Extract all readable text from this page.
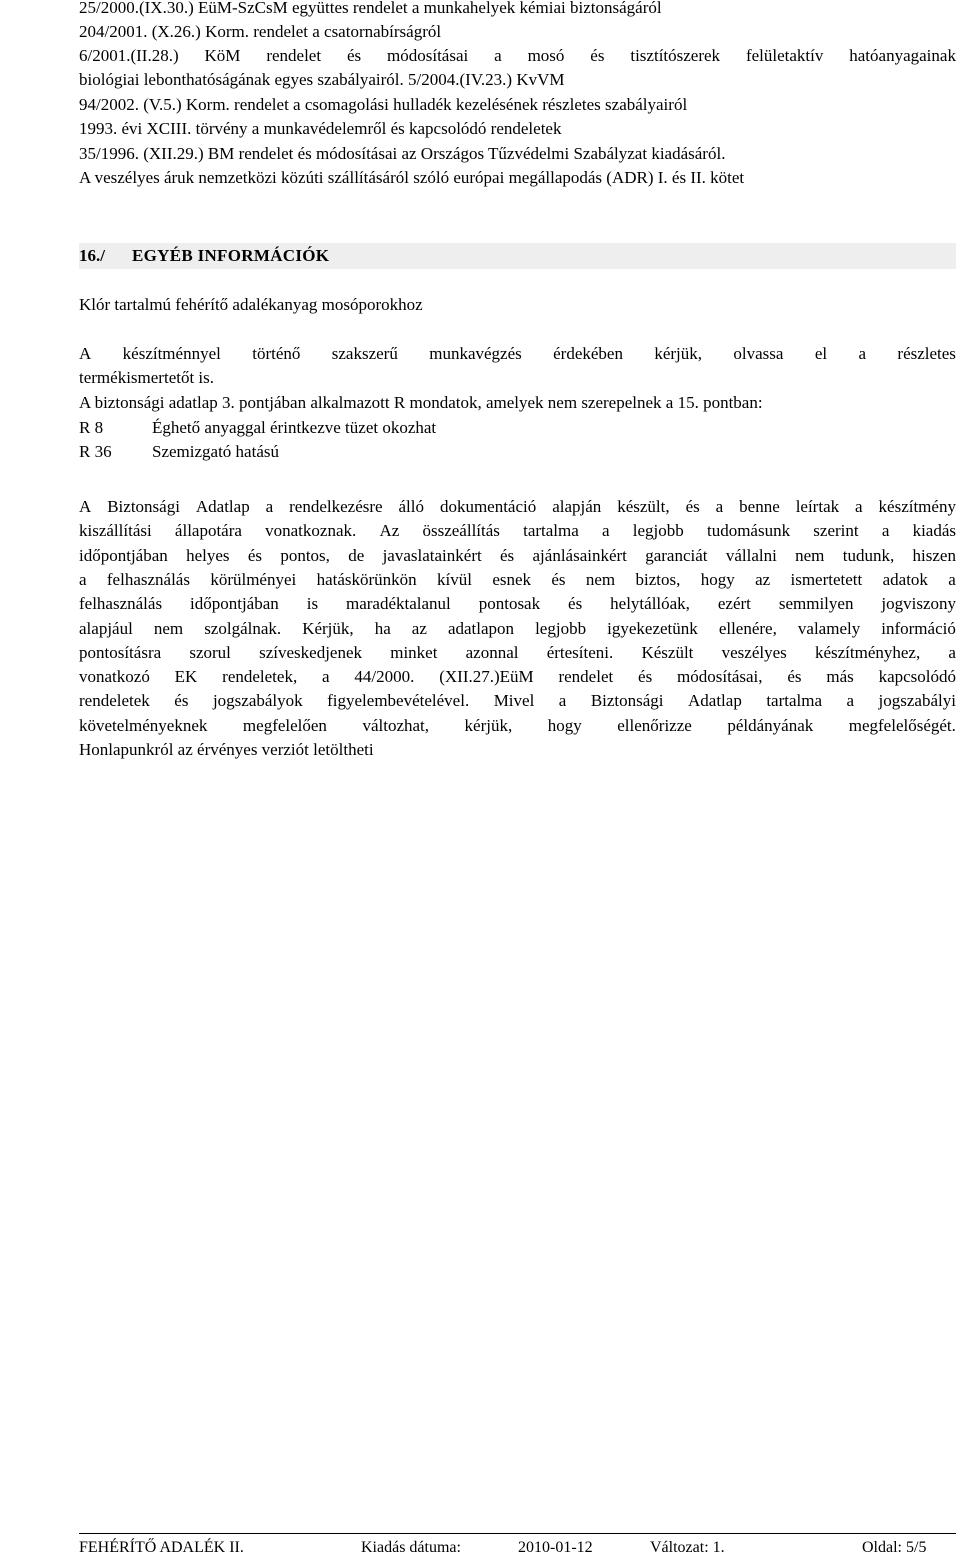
25/2000.(IX.30.) EüM-SzCsM együttes rendelet a munkahelyek kémiai biztonságáról
204/2001. (X.26.) Korm. rendelet a csatornabírságról
6/2001.(II.28.) KöM rendelet és módosításai a mosó és tisztítószerek felületaktív hatóanyagainak
biológiai lebonthatóságának egyes szabályairól. 5/2004.(IV.23.) KvVM
94/2002. (V.5.) Korm. rendelet a csomagolási hulladék kezelésének részletes szabályairól
1993. évi XCIII. törvény a munkavédelemről és kapcsolódó rendeletek
35/1996. (XII.29.) BM rendelet és módosításai az Országos Tűzvédelmi Szabályzat kiadásáról.
A veszélyes áruk nemzetközi közúti szállításáról szóló európai megállapodás (ADR) I. és II. kötet
16./ EGYÉB INFORMÁCIÓK
Klór tartalmú fehérítő adalékanyag mosóporokhoz
A készítménnyel történő szakszerű munkavégzés érdekében kérjük, olvassa el a részletes
termékismertetőt is.
A biztonsági adatlap 3. pontjában alkalmazott R mondatok, amelyek nem szerepelnek a 15. pontban:
R 8	Éghető anyaggal érintkezve tüzet okozhat
R 36 Szemizgató hatású
A Biztonsági Adatlap a rendelkezésre álló dokumentáció alapján készült, és a benne leírtak a készítmény
kiszállítási állapotára vonatkoznak. Az összeállítás tartalma a legjobb tudomásunk szerint a kiadás
időpontjában helyes és pontos, de javaslatainkért és ajánlásainkért garanciát vállalni nem tudunk, hiszen
a felhasználás körülményei hatáskörünkön kívül esnek és nem biztos, hogy az ismertetett adatok a
felhasználás időpontjában is maradéktalanul pontosak és helytállóak, ezért semmilyen jogviszony
alapjául nem szolgálnak. Kérjük, ha az adatlapon legjobb igyekezetünk ellenére, valamely információ
pontosításra szorul szíveskedjenek minket azonnal értesíteni. Készült veszélyes készítményhez, a
vonatkozó EK rendeletek, a 44/2000. (XII.27.)EüM rendelet és módosításai, és más kapcsolódó
rendeletek és jogszabályok figyelembevételével. Mivel a Biztonsági Adatlap tartalma a jogszabályi
követelményeknek megfelelően változhat, kérjük, hogy ellenőrizze példányának megfelelőségét.
Honlapunkról az érvényes verziót letöltheti
FEHÉRÍTŐ ADALÉK II.	Kiadás dátuma:	2010-01-12	Változat: 1.	Oldal: 5/5
